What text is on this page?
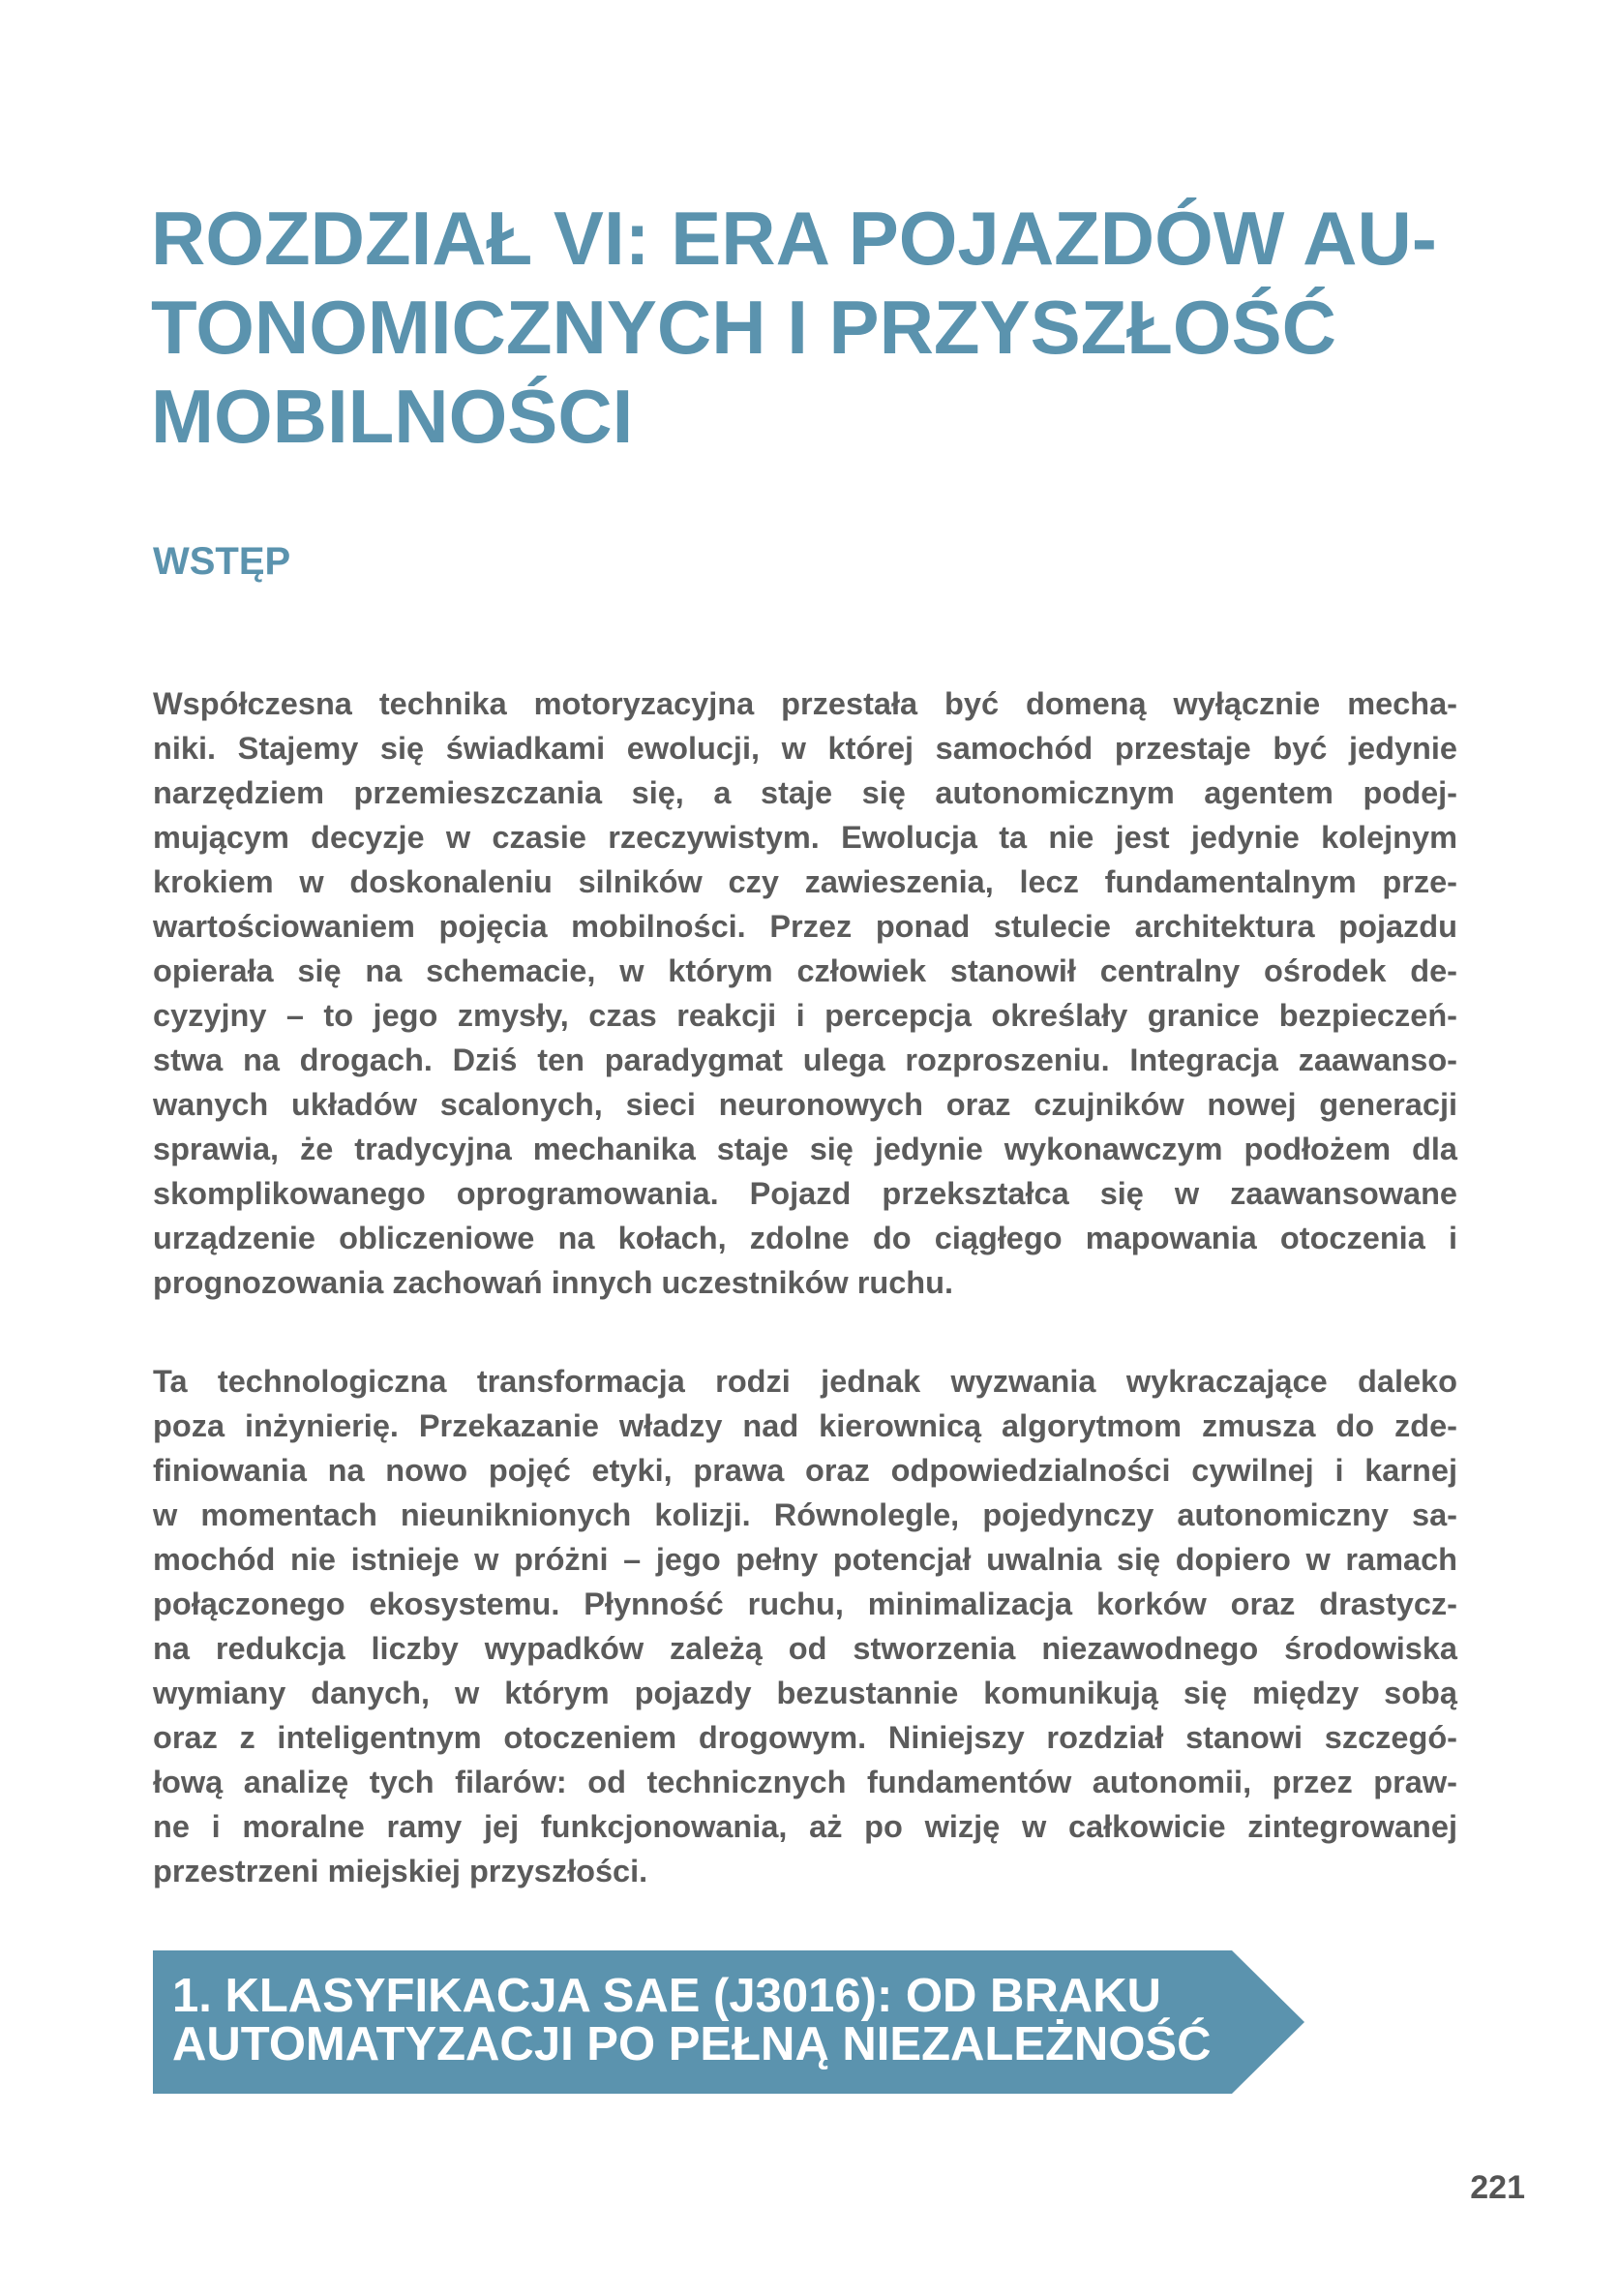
ROZDZIAŁ VI: ERA POJAZDÓW AU-
TONOMICZNYCH I PRZYSZŁOŚĆ
MOBILNOŚCI
WSTĘP

Współczesna technika motoryzacyjna przestała być domeną wyłącznie mecha-
niki. Stajemy się świadkami ewolucji, w której samochód przestaje być jedynie
narzędziem przemieszczania się, a staje się autonomicznym agentem podej-
mującym decyzje w czasie rzeczywistym. Ewolucja ta nie jest jedynie kolejnym
krokiem w doskonaleniu silników czy zawieszenia, lecz fundamentalnym prze-
wartościowaniem pojęcia mobilności. Przez ponad stulecie architektura pojazdu
opierała się na schemacie, w którym człowiek stanowił centralny ośrodek de-
cyzyjny – to jego zmysły, czas reakcji i percepcja określały granice bezpieczeń-
stwa na drogach. Dziś ten paradygmat ulega rozproszeniu. Integracja zaawanso-
wanych układów scalonych, sieci neuronowych oraz czujników nowej generacji
sprawia, że tradycyjna mechanika staje się jedynie wykonawczym podłożem dla
skomplikowanego oprogramowania. Pojazd przekształca się w zaawansowane
urządzenie obliczeniowe na kołach, zdolne do ciągłego mapowania otoczenia i
prognozowania zachowań innych uczestników ruchu.

Ta technologiczna transformacja rodzi jednak wyzwania wykraczające daleko
poza inżynierię. Przekazanie władzy nad kierownicą algorytmom zmusza do zde-
finiowania na nowo pojęć etyki, prawa oraz odpowiedzialności cywilnej i karnej
w momentach nieuniknionych kolizji. Równolegle, pojedynczy autonomiczny sa-
mochód nie istnieje w próżni – jego pełny potencjał uwalnia się dopiero w ramach
połączonego ekosystemu. Płynność ruchu, minimalizacja korków oraz drastycz-
na redukcja liczby wypadków zależą od stworzenia niezawodnego środowiska
wymiany danych, w którym pojazdy bezustannie komunikują się między sobą
oraz z inteligentnym otoczeniem drogowym. Niniejszy rozdział stanowi szczegó-
łową analizę tych filarów: od technicznych fundamentów autonomii, przez praw-
ne i moralne ramy jej funkcjonowania, aż po wizję w całkowicie zintegrowanej
przestrzeni miejskiej przyszłości.

1. KLASYFIKACJA SAE (J3016): OD BRAKU
AUTOMATYZACJI PO PEŁNĄ NIEZALEŻNOŚĆ
221
